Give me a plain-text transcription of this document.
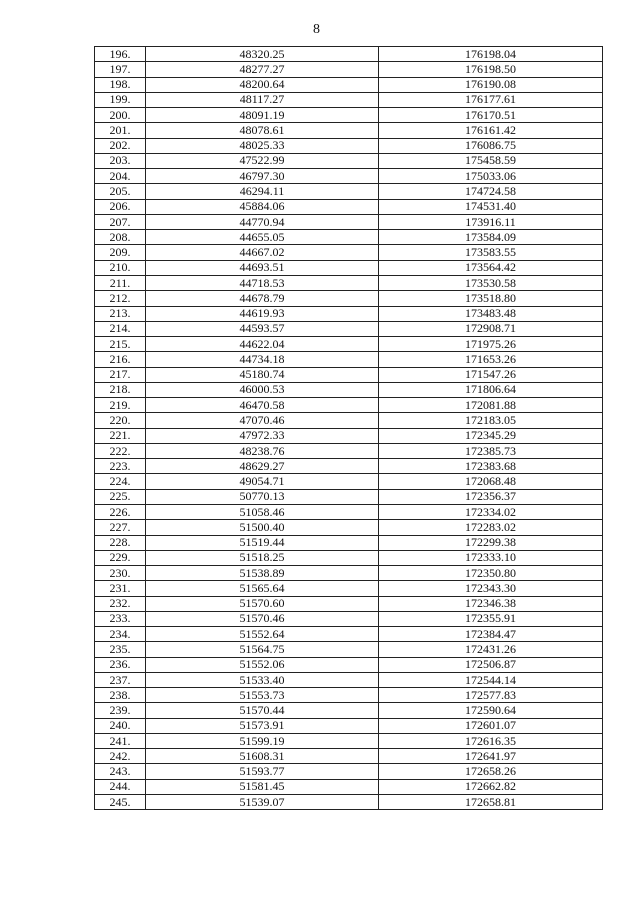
8
196.	48320.25	176198.04
197.	48277.27	176198.50
198.	48200.64	176190.08
199.	48117.27	176177.61
200.	48091.19	176170.51
201.	48078.61	176161.42
202.	48025.33	176086.75
203.	47522.99	175458.59
204.	46797.30	175033.06
205.	46294.11	174724.58
206.	45884.06	174531.40
207.	44770.94	173916.11
208.	44655.05	173584.09
209.	44667.02	173583.55
210.	44693.51	173564.42
211.	44718.53	173530.58
212.	44678.79	173518.80
213.	44619.93	173483.48
214.	44593.57	172908.71
215.	44622.04	171975.26
216.	44734.18	171653.26
217.	45180.74	171547.26
218.	46000.53	171806.64
219.	46470.58	172081.88
220.	47070.46	172183.05
221.	47972.33	172345.29
222.	48238.76	172385.73
223.	48629.27	172383.68
224.	49054.71	172068.48
225.	50770.13	172356.37
226.	51058.46	172334.02
227.	51500.40	172283.02
228.	51519.44	172299.38
229.	51518.25	172333.10
230.	51538.89	172350.80
231.	51565.64	172343.30
232.	51570.60	172346.38
233.	51570.46	172355.91
234.	51552.64	172384.47
235.	51564.75	172431.26
236.	51552.06	172506.87
237.	51533.40	172544.14
238.	51553.73	172577.83
239.	51570.44	172590.64
240.	51573.91	172601.07
241.	51599.19	172616.35
242.	51608.31	172641.97
243.	51593.77	172658.26
244.	51581.45	172662.82
245.	51539.07	172658.81
